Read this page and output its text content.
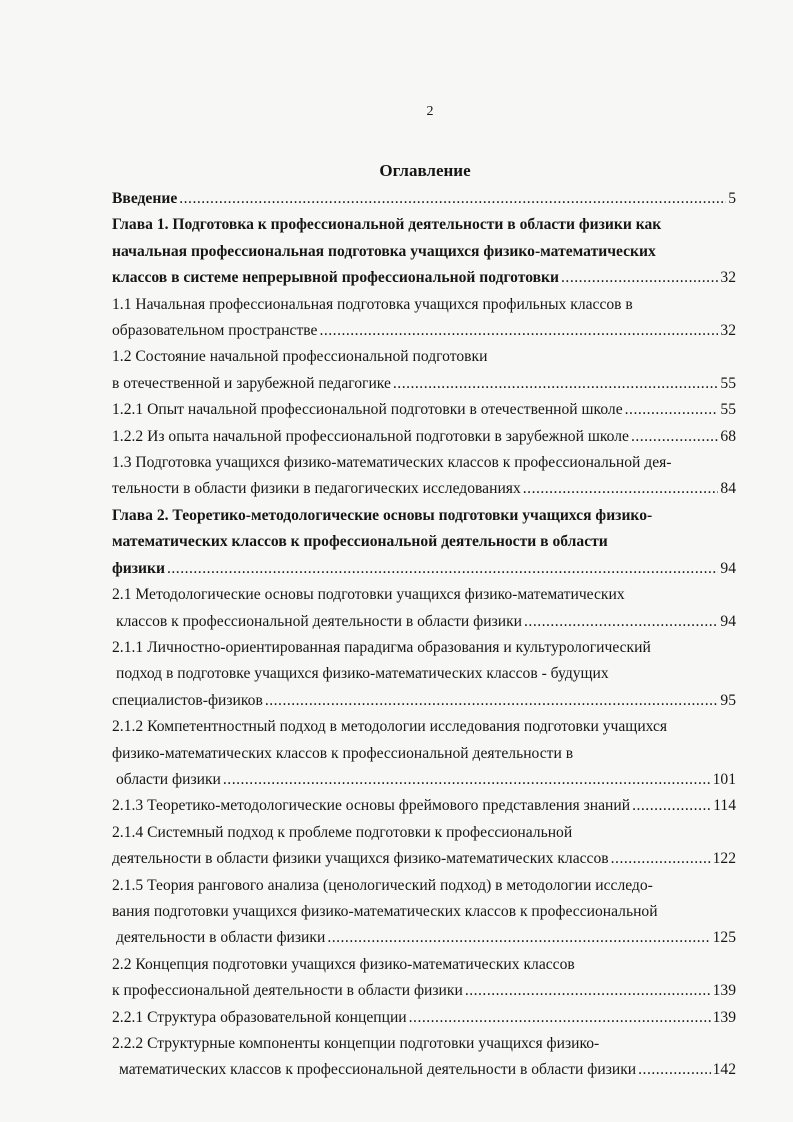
2
Оглавление
Введение .....	5
Глава 1. Подготовка к профессиональной деятельности в области физики как
начальная профессиональная подготовка учащихся физико-математических
классов в системе непрерывной профессиональной подготовки .....	32
1.1 Начальная профессиональная подготовка учащихся профильных классов в
образовательном пространстве .....	32
1.2 Состояние начальной профессиональной подготовки
в отечественной и зарубежной педагогике .....	55
1.2.1 Опыт начальной профессиональной подготовки в отечественной школе .....	55
1.2.2 Из опыта начальной профессиональной подготовки в зарубежной школе .....	68
1.3 Подготовка учащихся физико-математических классов к профессиональной дея-
тельности в области физики в педагогических исследованиях .....	84
Глава 2. Теоретико-методологические основы подготовки учащихся физико-
математических классов к профессиональной деятельности в области
физики .....	94
2.1 Методологические основы подготовки учащихся физико-математических
классов к профессиональной деятельности в области физики .....	94
2.1.1 Личностно-ориентированная парадигма образования и культурологический
подход в подготовке учащихся физико-математических классов - будущих
специалистов-физиков .....	95
2.1.2 Компетентностный подход в методологии исследования подготовки учащихся
физико-математических классов к профессиональной деятельности в
области физики .....	101
2.1.3 Теоретико-методологические основы фреймового представления знаний .....	114
2.1.4 Системный подход к проблеме подготовки к профессиональной
деятельности в области физики учащихся физико-математических классов .....	122
2.1.5 Теория рангового анализа (ценологический подход) в методологии исследо-
вания подготовки учащихся физико-математических классов к профессиональной
деятельности в области физики .....	125
2.2 Концепция подготовки учащихся физико-математических классов
к профессиональной деятельности в области физики .....	139
2.2.1 Структура образовательной концепции .....	139
2.2.2 Структурные компоненты концепции подготовки учащихся физико-
математических классов к профессиональной деятельности в области физики .....	142
